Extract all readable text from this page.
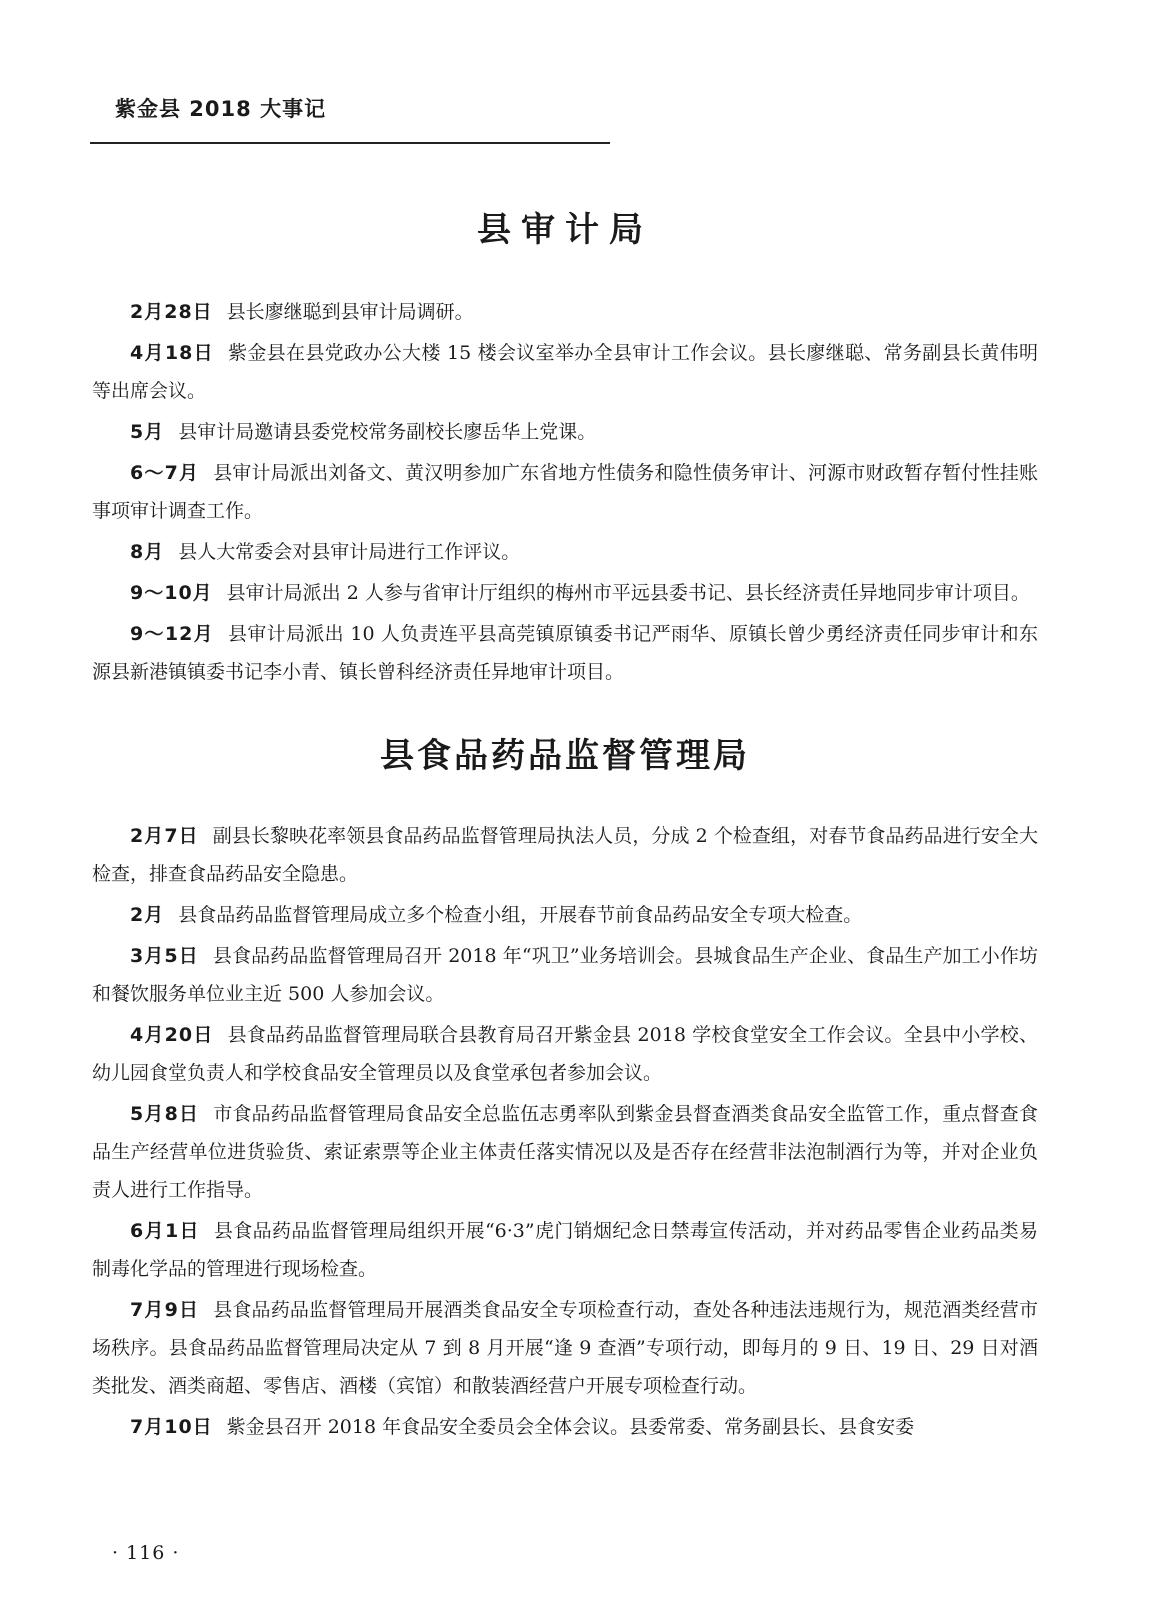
紫金县 2018 大事记
县审计局

2月28日 县长廖继聪到县审计局调研。

4月18日 紫金县在县党政办公大楼 15 楼会议室举办全县审计工作会议。县长廖继聪、常务副县长黄伟明等出席会议。

5月 县审计局邀请县委党校常务副校长廖岳华上党课。

6～7月 县审计局派出刘备文、黄汉明参加广东省地方性债务和隐性债务审计、河源市财政暂存暂付性挂账事项审计调查工作。

8月 县人大常委会对县审计局进行工作评议。

9～10月 县审计局派出 2 人参与省审计厅组织的梅州市平远县委书记、县长经济责任异地同步审计项目。

9～12月 县审计局派出 10 人负责连平县高莞镇原镇委书记严雨华、原镇长曾少勇经济责任同步审计和东源县新港镇镇委书记李小青、镇长曾科经济责任异地审计项目。

县食品药品监督管理局

2月7日 副县长黎映花率领县食品药品监督管理局执法人员，分成 2 个检查组，对春节食品药品进行安全大检查，排查食品药品安全隐患。

2月 县食品药品监督管理局成立多个检查小组，开展春节前食品药品安全专项大检查。

3月5日 县食品药品监督管理局召开 2018 年“巩卫”业务培训会。县城食品生产企业、食品生产加工小作坊和餐饮服务单位业主近 500 人参加会议。

4月20日 县食品药品监督管理局联合县教育局召开紫金县 2018 学校食堂安全工作会议。全县中小学校、幼儿园食堂负责人和学校食品安全管理员以及食堂承包者参加会议。

5月8日 市食品药品监督管理局食品安全总监伍志勇率队到紫金县督查酒类食品安全监管工作，重点督查食品生产经营单位进货验货、索证索票等企业主体责任落实情况以及是否存在经营非法泡制酒行为等，并对企业负责人进行工作指导。

6月1日 县食品药品监督管理局组织开展“6·3”虎门销烟纪念日禁毒宣传活动，并对药品零售企业药品类易制毒化学品的管理进行现场检查。

7月9日 县食品药品监督管理局开展酒类食品安全专项检查行动，查处各种违法违规行为，规范酒类经营市场秩序。县食品药品监督管理局决定从 7 到 8 月开展“逢 9 查酒”专项行动，即每月的 9 日、19 日、29 日对酒类批发、酒类商超、零售店、酒楼（宾馆）和散装酒经营户开展专项检查行动。

7月10日 紫金县召开 2018 年食品安全委员会全体会议。县委常委、常务副县长、县食安委

· 116 ·
